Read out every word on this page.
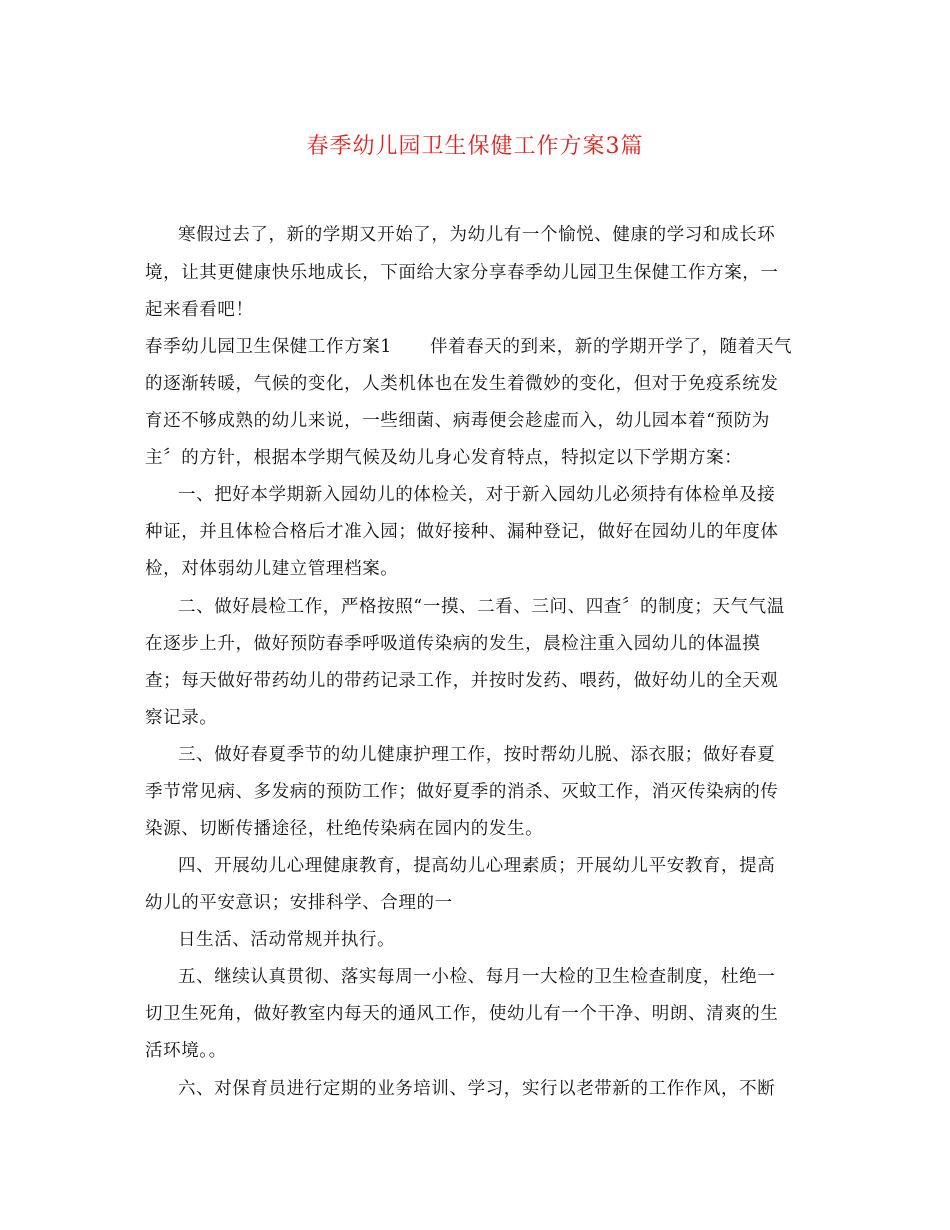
春季幼儿园卫生保健工作方案3篇
寒假过去了，新的学期又开始了，为幼儿有一个愉悦、健康的学习和成长环
境，让其更健康快乐地成长，下面给大家分享春季幼儿园卫生保健工作方案，一
起来看看吧！
春季幼儿园卫生保健工作方案1 伴着春天的到来，新的学期开学了，随着天气
的逐渐转暖，气候的变化，人类机体也在发生着微妙的变化，但对于免疫系统发
育还不够成熟的幼儿来说，一些细菌、病毒便会趁虚而入，幼儿园本着“预防为
主〞的方针，根据本学期气候及幼儿身心发育特点，特拟定以下学期方案：
一、把好本学期新入园幼儿的体检关，对于新入园幼儿必须持有体检单及接
种证，并且体检合格后才准入园；做好接种、漏种登记，做好在园幼儿的年度体
检，对体弱幼儿建立管理档案。
二、做好晨检工作，严格按照“一摸、二看、三问、四查〞的制度；天气气温
在逐步上升，做好预防春季呼吸道传染病的发生，晨检注重入园幼儿的体温摸
查；每天做好带药幼儿的带药记录工作，并按时发药、喂药，做好幼儿的全天观
察记录。
三、做好春夏季节的幼儿健康护理工作，按时帮幼儿脱、添衣服；做好春夏
季节常见病、多发病的预防工作；做好夏季的消杀、灭蚊工作，消灭传染病的传
染源、切断传播途径，杜绝传染病在园内的发生。
四、开展幼儿心理健康教育，提高幼儿心理素质；开展幼儿平安教育，提高
幼儿的平安意识；安排科学、合理的一
日生活、活动常规并执行。
五、继续认真贯彻、落实每周一小检、每月一大检的卫生检查制度，杜绝一
切卫生死角，做好教室内每天的通风工作，使幼儿有一个干净、明朗、清爽的生
活环境。。
六、对保育员进行定期的业务培训、学习，实行以老带新的工作作风，不断
